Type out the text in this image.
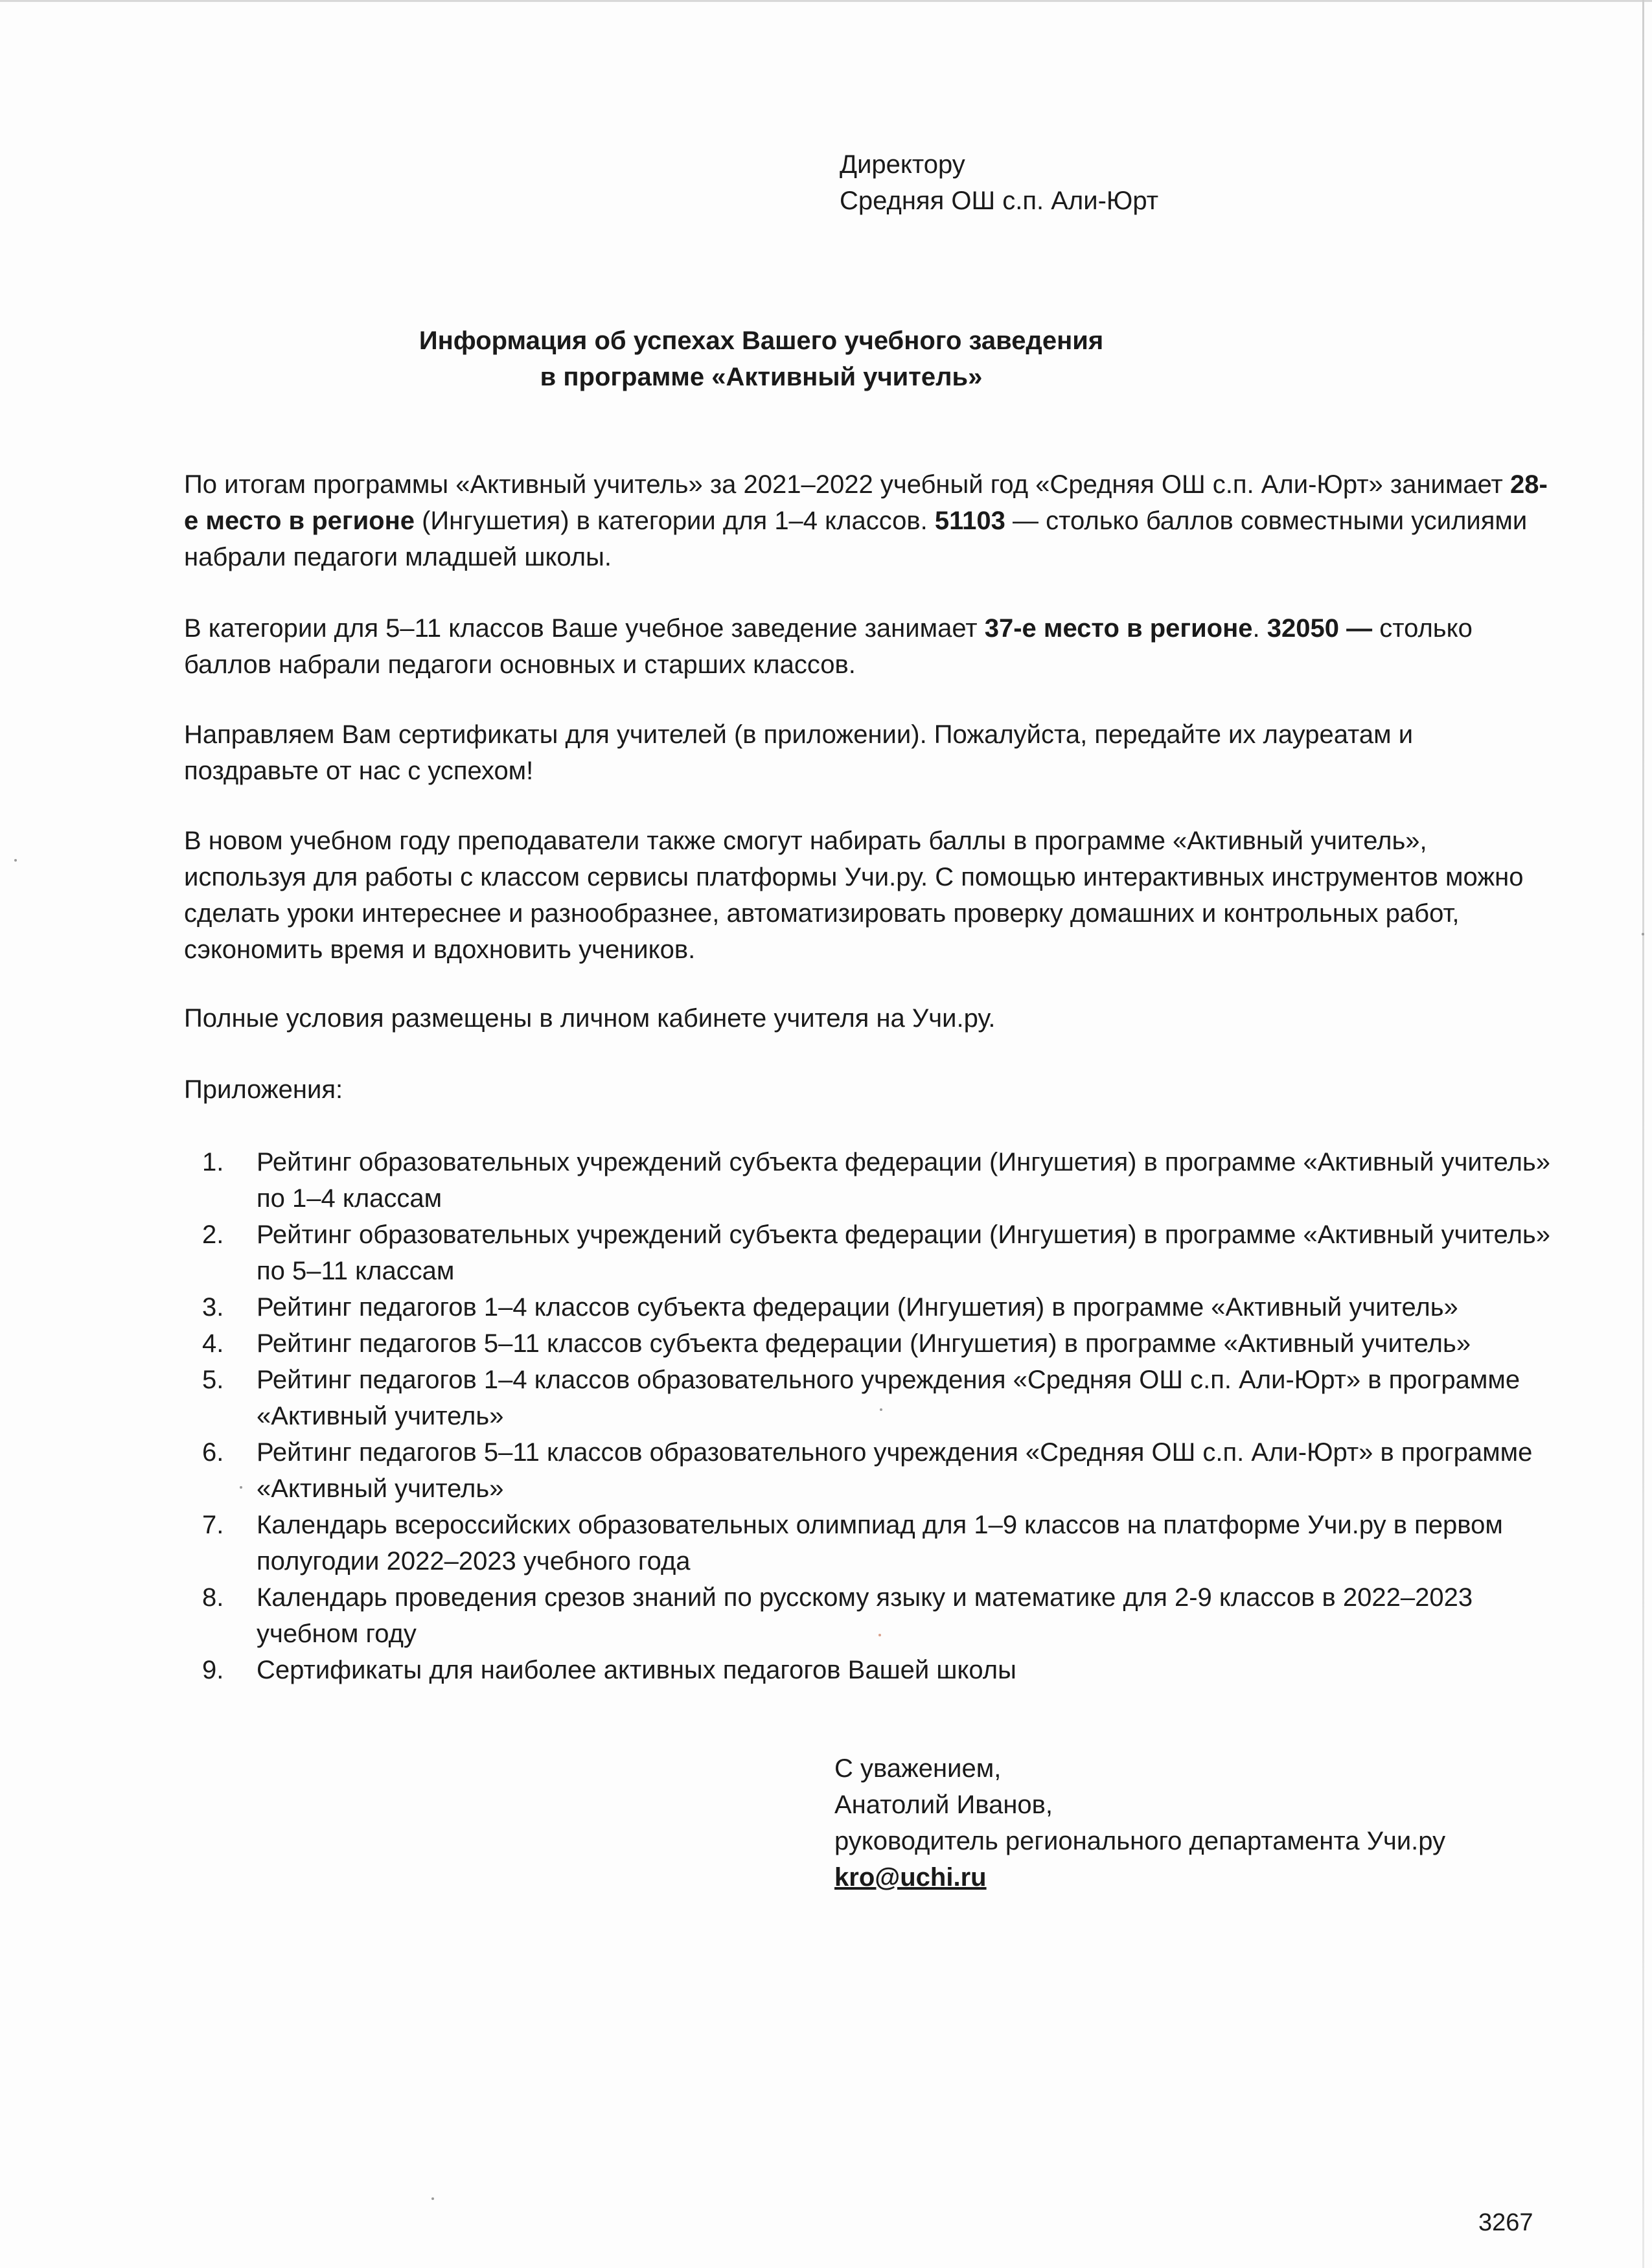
Директору
Средняя ОШ с.п. Али-Юрт
Информация об успехах Вашего учебного заведения
в программе «Активный учитель»
По итогам программы «Активный учитель» за 2021–2022 учебный год «Средняя ОШ с.п. Али-Юрт» занимает 28-е место в регионе (Ингушетия) в категории для 1–4 классов. 51103 — столько баллов совместными усилиями набрали педагоги младшей школы.
В категории для 5–11 классов Ваше учебное заведение занимает 37-е место в регионе. 32050 — столько баллов набрали педагоги основных и старших классов.
Направляем Вам сертификаты для учителей (в приложении). Пожалуйста, передайте их лауреатам и поздравьте от нас с успехом!
В новом учебном году преподаватели также смогут набирать баллы в программе «Активный учитель», используя для работы с классом сервисы платформы Учи.ру. С помощью интерактивных инструментов можно сделать уроки интереснее и разнообразнее, автоматизировать проверку домашних и контрольных работ, сэкономить время и вдохновить учеников.
Полные условия размещены в личном кабинете учителя на Учи.ру.
Приложения:
1. Рейтинг образовательных учреждений субъекта федерации (Ингушетия) в программе «Активный учитель» по 1–4 классам
2. Рейтинг образовательных учреждений субъекта федерации (Ингушетия) в программе «Активный учитель» по 5–11 классам
3. Рейтинг педагогов 1–4 классов субъекта федерации (Ингушетия) в программе «Активный учитель»
4. Рейтинг педагогов 5–11 классов субъекта федерации (Ингушетия) в программе «Активный учитель»
5. Рейтинг педагогов 1–4 классов образовательного учреждения «Средняя ОШ с.п. Али-Юрт» в программе «Активный учитель»
6. Рейтинг педагогов 5–11 классов образовательного учреждения «Средняя ОШ с.п. Али-Юрт» в программе «Активный учитель»
7. Календарь всероссийских образовательных олимпиад для 1–9 классов на платформе Учи.ру в первом полугодии 2022–2023 учебного года
8. Календарь проведения срезов знаний по русскому языку и математике для 2-9 классов в 2022–2023 учебном году
9. Сертификаты для наиболее активных педагогов Вашей школы
С уважением,
Анатолий Иванов,
руководитель регионального департамента Учи.ру
kro@uchi.ru
3267
